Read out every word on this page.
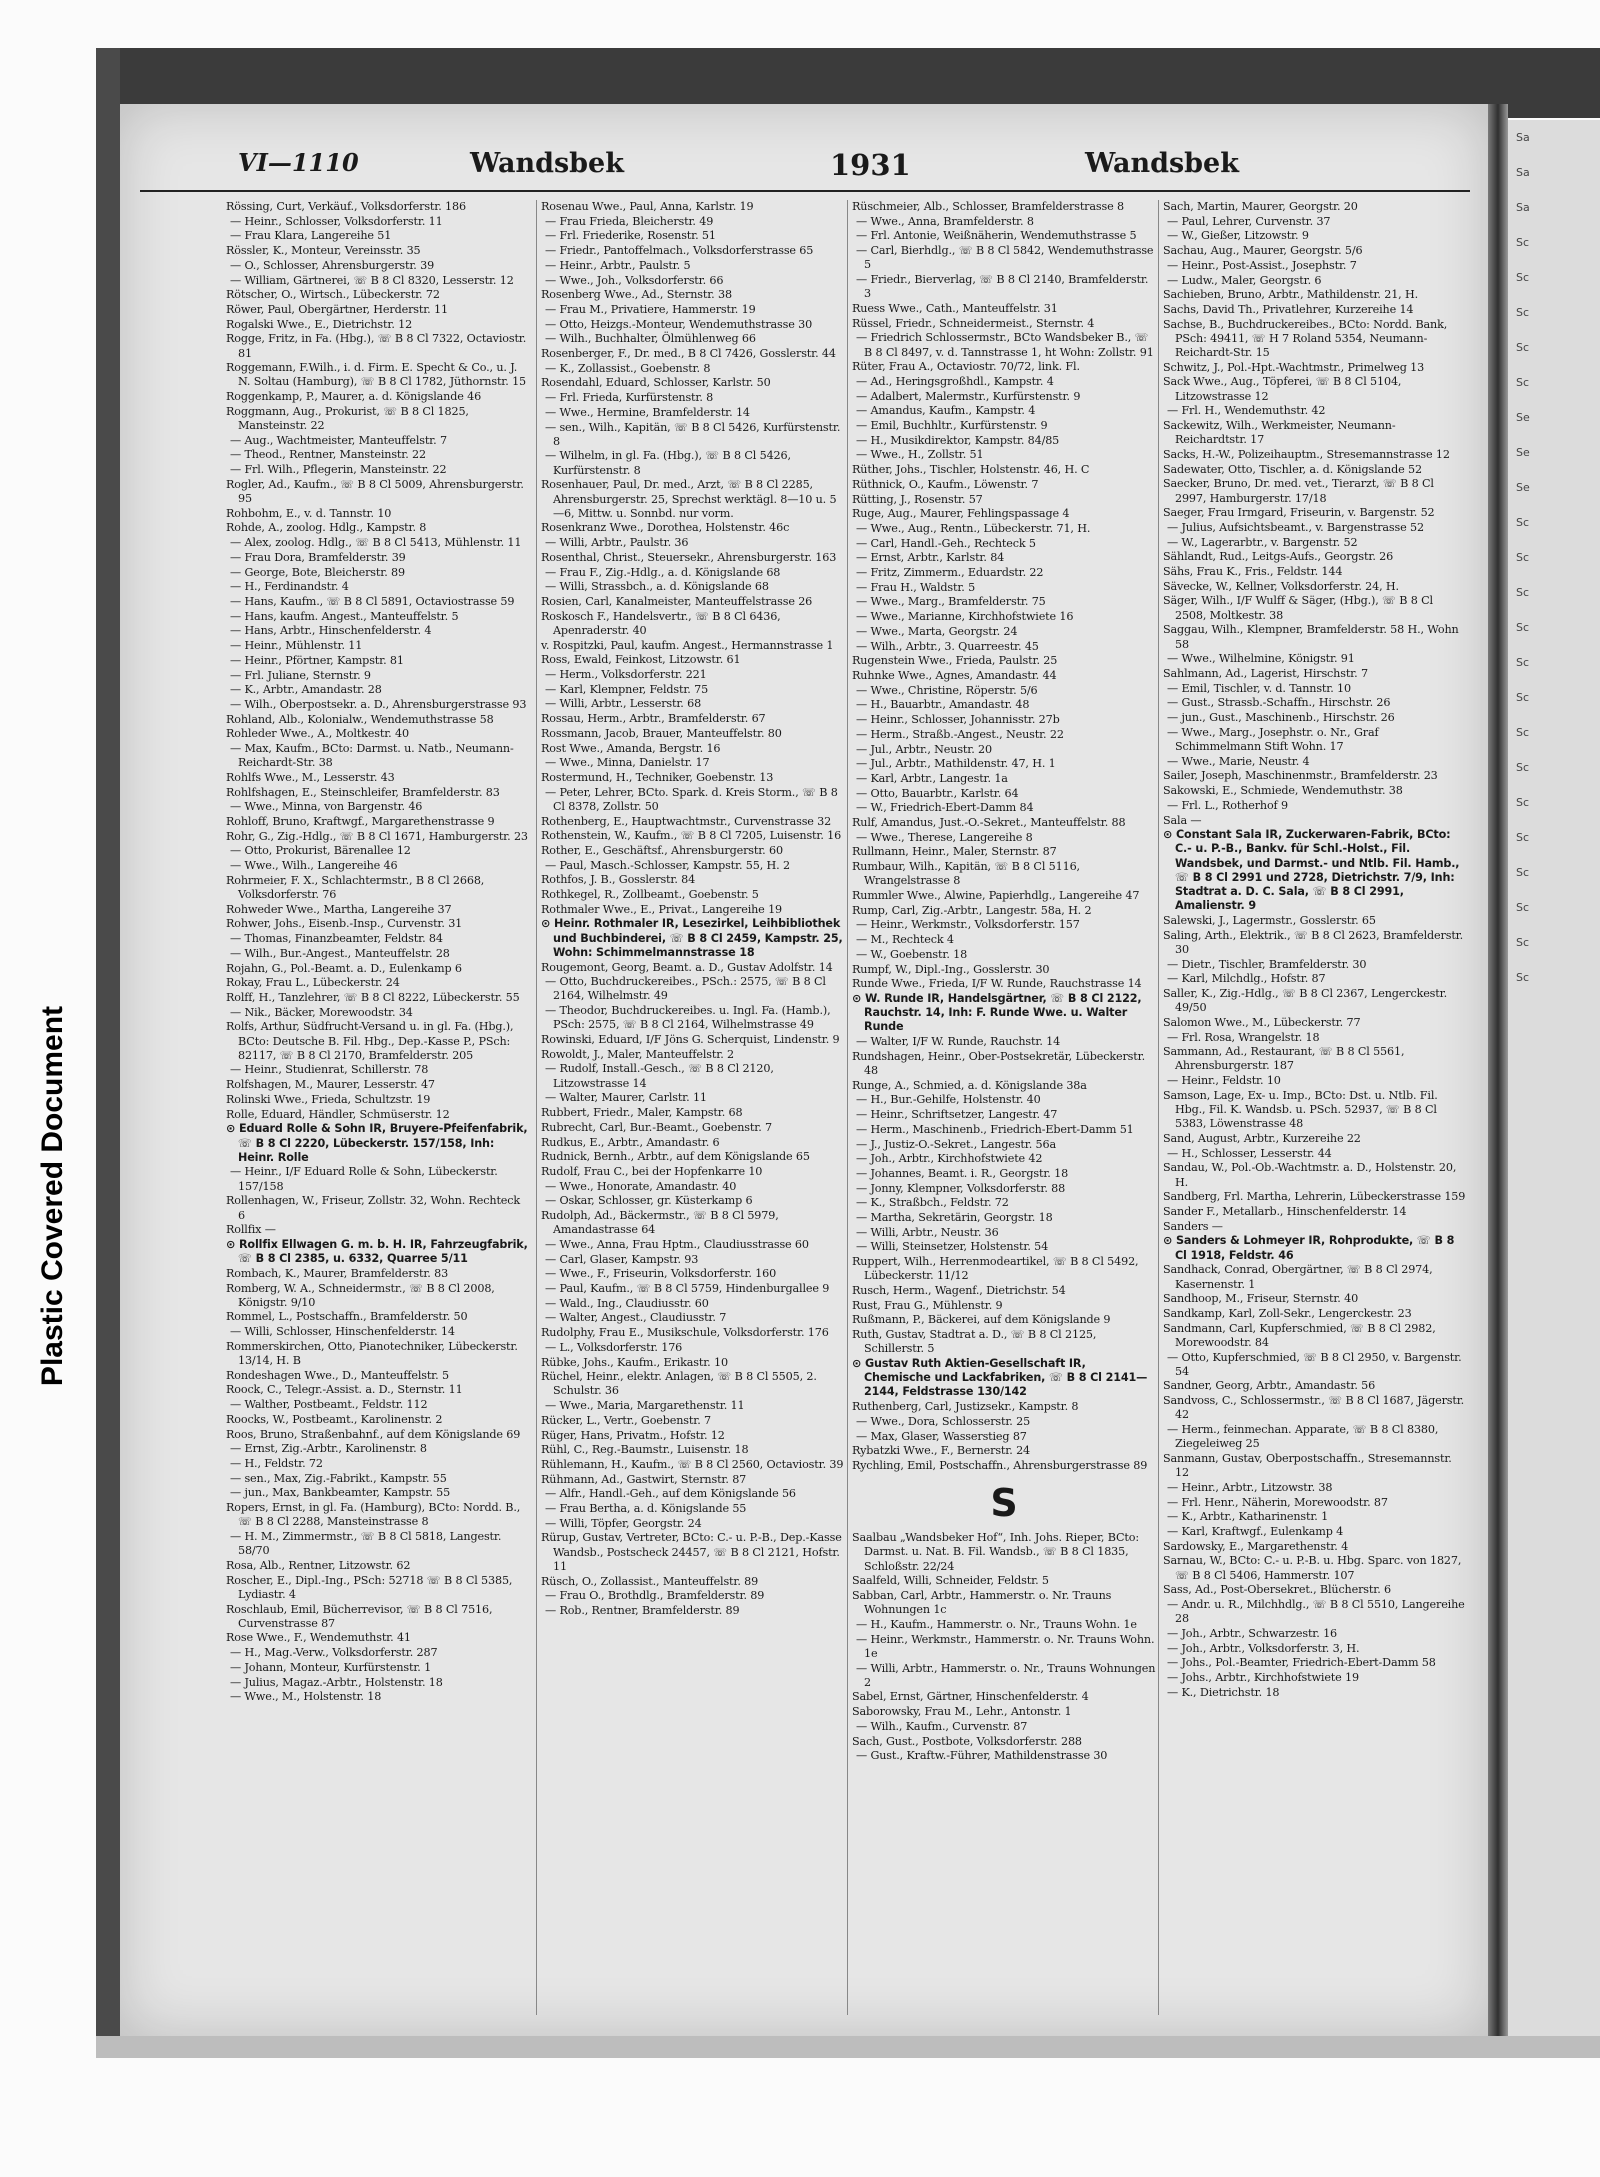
Sa
Sa
Sa
Sc
Sc
Sc
Sc
Sc
Se
Se
Se
Sc
Sc
Sc
Sc
Sc
Sc
Sc
Sc
Sc
Sc
Sc
Sc
Sc
Sc
Plastic Covered Document
VI—1110	Wandsbek	1931	Wandsbek
Rössing, Curt, Verkäuf., Volksdorferstr. 186
— Heinr., Schlosser, Volksdorferstr. 11
— Frau Klara, Langereihe 51
Rössler, K., Monteur, Vereinsstr. 35
— O., Schlosser, Ahrensburgerstr. 39
— William, Gärtnerei, ☏ B 8 Cl 8320, Lesserstr. 12
Rötscher, O., Wirtsch., Lübeckerstr. 72
Röwer, Paul, Obergärtner, Herderstr. 11
Rogalski Wwe., E., Dietrichstr. 12
Rogge, Fritz, in Fa. (Hbg.), ☏ B 8 Cl 7322, Octaviostr. 81
Roggemann, F.Wilh., i. d. Firm. E. Specht & Co., u. J. N. Soltau (Hamburg), ☏ B 8 Cl 1782, Jüthornstr. 15
Roggenkamp, P., Maurer, a. d. Königslande 46
Roggmann, Aug., Prokurist, ☏ B 8 Cl 1825, Mansteinstr. 22
— Aug., Wachtmeister, Manteuffelstr. 7
— Theod., Rentner, Mansteinstr. 22
— Frl. Wilh., Pflegerin, Mansteinstr. 22
Rogler, Ad., Kaufm., ☏ B 8 Cl 5009, Ahrensburgerstr. 95
Rohbohm, E., v. d. Tannstr. 10
Rohde, A., zoolog. Hdlg., Kampstr. 8
— Alex, zoolog. Hdlg., ☏ B 8 Cl 5413, Mühlenstr. 11
— Frau Dora, Bramfelderstr. 39
— George, Bote, Bleicherstr. 89
— H., Ferdinandstr. 4
— Hans, Kaufm., ☏ B 8 Cl 5891, Octaviostrasse 59
— Hans, kaufm. Angest., Manteuffelstr. 5
— Hans, Arbtr., Hinschenfelderstr. 4
— Heinr., Mühlenstr. 11
— Heinr., Pförtner, Kampstr. 81
— Frl. Juliane, Sternstr. 9
— K., Arbtr., Amandastr. 28
— Wilh., Oberpostsekr. a. D., Ahrensburgerstrasse 93
Rohland, Alb., Kolonialw., Wendemuthstrasse 58
Rohleder Wwe., A., Moltkestr. 40
— Max, Kaufm., BCto: Darmst. u. Natb., Neumann-Reichardt-Str. 38
Rohlfs Wwe., M., Lesserstr. 43
Rohlfshagen, E., Steinschleifer, Bramfelderstr. 83
— Wwe., Minna, von Bargenstr. 46
Rohloff, Bruno, Kraftwgf., Margarethenstrasse 9
Rohr, G., Zig.-Hdlg., ☏ B 8 Cl 1671, Hamburgerstr. 23
— Otto, Prokurist, Bärenallee 12
— Wwe., Wilh., Langereihe 46
Rohrmeier, F. X., Schlachtermstr., B 8 Cl 2668, Volksdorferstr. 76
Rohweder Wwe., Martha, Langereihe 37
Rohwer, Johs., Eisenb.-Insp., Curvenstr. 31
— Thomas, Finanzbeamter, Feldstr. 84
— Wilh., Bur.-Angest., Manteuffelstr. 28
Rojahn, G., Pol.-Beamt. a. D., Eulenkamp 6
Rokay, Frau L., Lübeckerstr. 24
Rolff, H., Tanzlehrer, ☏ B 8 Cl 8222, Lübeckerstr. 55
— Nik., Bäcker, Morewoodstr. 34
Rolfs, Arthur, Südfrucht-Versand u. in gl. Fa. (Hbg.), BCto: Deutsche B. Fil. Hbg., Dep.-Kasse P., PSch: 82117, ☏ B 8 Cl 2170, Bramfelderstr. 205
— Heinr., Studienrat, Schillerstr. 78
Rolfshagen, M., Maurer, Lesserstr. 47
Rolinski Wwe., Frieda, Schultzstr. 19
Rolle, Eduard, Händler, Schmüserstr. 12
⊙ Eduard Rolle & Sohn IR, Bruyere-Pfeifenfabrik, ☏ B 8 Cl 2220, Lübeckerstr. 157/158, Inh: Heinr. Rolle
— Heinr., I/F Eduard Rolle & Sohn, Lübeckerstr. 157/158
Rollenhagen, W., Friseur, Zollstr. 32, Wohn. Rechteck 6
Rollfix —
⊙ Rollfix Ellwagen G. m. b. H. IR, Fahrzeugfabrik, ☏ B 8 Cl 2385, u. 6332, Quarree 5/11
Rombach, K., Maurer, Bramfelderstr. 83
Romberg, W. A., Schneidermstr., ☏ B 8 Cl 2008, Königstr. 9/10
Rommel, L., Postschaffn., Bramfelderstr. 50
— Willi, Schlosser, Hinschenfelderstr. 14
Rommerskirchen, Otto, Pianotechniker, Lübeckerstr. 13/14, H. B
Rondeshagen Wwe., D., Manteuffelstr. 5
Roock, C., Telegr.-Assist. a. D., Sternstr. 11
— Walther, Postbeamt., Feldstr. 112
Roocks, W., Postbeamt., Karolinenstr. 2
Roos, Bruno, Straßenbahnf., auf dem Königslande 69
— Ernst, Zig.-Arbtr., Karolinenstr. 8
— H., Feldstr. 72
— sen., Max, Zig.-Fabrikt., Kampstr. 55
— jun., Max, Bankbeamter, Kampstr. 55
Ropers, Ernst, in gl. Fa. (Hamburg), BCto: Nordd. B., ☏ B 8 Cl 2288, Mansteinstrasse 8
— H. M., Zimmermstr., ☏ B 8 Cl 5818, Langestr. 58/70
Rosa, Alb., Rentner, Litzowstr. 62
Roscher, E., Dipl.-Ing., PSch: 52718 ☏ B 8 Cl 5385, Lydiastr. 4
Roschlaub, Emil, Bücherrevisor, ☏ B 8 Cl 7516, Curvenstrasse 87
Rose Wwe., F., Wendemuthstr. 41
— H., Mag.-Verw., Volksdorferstr. 287
— Johann, Monteur, Kurfürstenstr. 1
— Julius, Magaz.-Arbtr., Holstenstr. 18
— Wwe., M., Holstenstr. 18
Rosenau Wwe., Paul, Anna, Karlstr. 19
— Frau Frieda, Bleicherstr. 49
— Frl. Friederike, Rosenstr. 51
— Friedr., Pantoffelmach., Volksdorferstrasse 65
— Heinr., Arbtr., Paulstr. 5
— Wwe., Joh., Volksdorferstr. 66
Rosenberg Wwe., Ad., Sternstr. 38
— Frau M., Privatiere, Hammerstr. 19
— Otto, Heizgs.-Monteur, Wendemuthstrasse 30
— Wilh., Buchhalter, Ölmühlenweg 66
Rosenberger, F., Dr. med., B 8 Cl 7426, Gosslerstr. 44
— K., Zollassist., Goebenstr. 8
Rosendahl, Eduard, Schlosser, Karlstr. 50
— Frl. Frieda, Kurfürstenstr. 8
— Wwe., Hermine, Bramfelderstr. 14
— sen., Wilh., Kapitän, ☏ B 8 Cl 5426, Kurfürstenstr. 8
— Wilhelm, in gl. Fa. (Hbg.), ☏ B 8 Cl 5426, Kurfürstenstr. 8
Rosenhauer, Paul, Dr. med., Arzt, ☏ B 8 Cl 2285, Ahrensburgerstr. 25, Sprechst werktägl. 8—10 u. 5—6, Mittw. u. Sonnbd. nur vorm.
Rosenkranz Wwe., Dorothea, Holstenstr. 46c
— Willi, Arbtr., Paulstr. 36
Rosenthal, Christ., Steuersekr., Ahrensburgerstr. 163
— Frau F., Zig.-Hdlg., a. d. Königslande 68
— Willi, Strassbch., a. d. Königslande 68
Rosien, Carl, Kanalmeister, Manteuffelstrasse 26
Roskosch F., Handelsvertr., ☏ B 8 Cl 6436, Apenraderstr. 40
v. Rospitzki, Paul, kaufm. Angest., Hermannstrasse 1
Ross, Ewald, Feinkost, Litzowstr. 61
— Herm., Volksdorferstr. 221
— Karl, Klempner, Feldstr. 75
— Willi, Arbtr., Lesserstr. 68
Rossau, Herm., Arbtr., Bramfelderstr. 67
Rossmann, Jacob, Brauer, Manteuffelstr. 80
Rost Wwe., Amanda, Bergstr. 16
— Wwe., Minna, Danielstr. 17
Rostermund, H., Techniker, Goebenstr. 13
— Peter, Lehrer, BCto. Spark. d. Kreis Storm., ☏ B 8 Cl 8378, Zollstr. 50
Rothenberg, E., Hauptwachtmstr., Curvenstrasse 32
Rothenstein, W., Kaufm., ☏ B 8 Cl 7205, Luisenstr. 16
Rother, E., Geschäftsf., Ahrensburgerstr. 60
— Paul, Masch.-Schlosser, Kampstr. 55, H. 2
Rothfos, J. B., Gosslerstr. 84
Rothkegel, R., Zollbeamt., Goebenstr. 5
Rothmaler Wwe., E., Privat., Langereihe 19
⊙ Heinr. Rothmaler IR, Lesezirkel, Leihbibliothek und Buchbinderei, ☏ B 8 Cl 2459, Kampstr. 25, Wohn: Schimmelmannstrasse 18
Rougemont, Georg, Beamt. a. D., Gustav Adolfstr. 14
— Otto, Buchdruckereibes., PSch.: 2575, ☏ B 8 Cl 2164, Wilhelmstr. 49
— Theodor, Buchdruckereibes. u. Ingl. Fa. (Hamb.), PSch: 2575, ☏ B 8 Cl 2164, Wilhelmstrasse 49
Rowinski, Eduard, I/F Jöns G. Scherquist, Lindenstr. 9
Rowoldt, J., Maler, Manteuffelstr. 2
— Rudolf, Install.-Gesch., ☏ B 8 Cl 2120, Litzowstrasse 14
— Walter, Maurer, Carlstr. 11
Rubbert, Friedr., Maler, Kampstr. 68
Rubrecht, Carl, Bur.-Beamt., Goebenstr. 7
Rudkus, E., Arbtr., Amandastr. 6
Rudnick, Bernh., Arbtr., auf dem Königslande 65
Rudolf, Frau C., bei der Hopfenkarre 10
— Wwe., Honorate, Amandastr. 40
— Oskar, Schlosser, gr. Küsterkamp 6
Rudolph, Ad., Bäckermstr., ☏ B 8 Cl 5979, Amandastrasse 64
— Wwe., Anna, Frau Hptm., Claudiusstrasse 60
— Carl, Glaser, Kampstr. 93
— Wwe., F., Friseurin, Volksdorferstr. 160
— Paul, Kaufm., ☏ B 8 Cl 5759, Hindenburgallee 9
— Wald., Ing., Claudiusstr. 60
— Walter, Angest., Claudiusstr. 7
Rudolphy, Frau E., Musikschule, Volksdorferstr. 176
— L., Volksdorferstr. 176
Rübke, Johs., Kaufm., Erikastr. 10
Rüchel, Heinr., elektr. Anlagen, ☏ B 8 Cl 5505, 2. Schulstr. 36
— Wwe., Maria, Margarethenstr. 11
Rücker, L., Vertr., Goebenstr. 7
Rüger, Hans, Privatm., Hofstr. 12
Rühl, C., Reg.-Baumstr., Luisenstr. 18
Rühlemann, H., Kaufm., ☏ B 8 Cl 2560, Octaviostr. 39
Rühmann, Ad., Gastwirt, Sternstr. 87
— Alfr., Handl.-Geh., auf dem Königslande 56
— Frau Bertha, a. d. Königslande 55
— Willi, Töpfer, Georgstr. 24
Rürup, Gustav, Vertreter, BCto: C.- u. P.-B., Dep.-Kasse Wandsb., Postscheck 24457, ☏ B 8 Cl 2121, Hofstr. 11
Rüsch, O., Zollassist., Manteuffelstr. 89
— Frau O., Brothdlg., Bramfelderstr. 89
— Rob., Rentner, Bramfelderstr. 89
Rüschmeier, Alb., Schlosser, Bramfelderstrasse 8
— Wwe., Anna, Bramfelderstr. 8
— Frl. Antonie, Weißnäherin, Wendemuthstrasse 5
— Carl, Bierhdlg., ☏ B 8 Cl 5842, Wendemuthstrasse 5
— Friedr., Bierverlag, ☏ B 8 Cl 2140, Bramfelderstr. 3
Ruess Wwe., Cath., Manteuffelstr. 31
Rüssel, Friedr., Schneidermeist., Sternstr. 4
— Friedrich Schlossermstr., BCto Wandsbeker B., ☏ B 8 Cl 8497, v. d. Tannstrasse 1, ht Wohn: Zollstr. 91
Rüter, Frau A., Octaviostr. 70/72, link. Fl.
— Ad., Heringsgroßhdl., Kampstr. 4
— Adalbert, Malermstr., Kurfürstenstr. 9
— Amandus, Kaufm., Kampstr. 4
— Emil, Buchhltr., Kurfürstenstr. 9
— H., Musikdirektor, Kampstr. 84/85
— Wwe., H., Zollstr. 51
Rüther, Johs., Tischler, Holstenstr. 46, H. C
Rüthnick, O., Kaufm., Löwenstr. 7
Rütting, J., Rosenstr. 57
Ruge, Aug., Maurer, Fehlingspassage 4
— Wwe., Aug., Rentn., Lübeckerstr. 71, H.
— Carl, Handl.-Geh., Rechteck 5
— Ernst, Arbtr., Karlstr. 84
— Fritz, Zimmerm., Eduardstr. 22
— Frau H., Waldstr. 5
— Wwe., Marg., Bramfelderstr. 75
— Wwe., Marianne, Kirchhofstwiete 16
— Wwe., Marta, Georgstr. 24
— Wilh., Arbtr., 3. Quarreestr. 45
Rugenstein Wwe., Frieda, Paulstr. 25
Ruhnke Wwe., Agnes, Amandastr. 44
— Wwe., Christine, Röperstr. 5/6
— H., Bauarbtr., Amandastr. 48
— Heinr., Schlosser, Johannisstr. 27b
— Herm., Straßb.-Angest., Neustr. 22
— Jul., Arbtr., Neustr. 20
— Jul., Arbtr., Mathildenstr. 47, H. 1
— Karl, Arbtr., Langestr. 1a
— Otto, Bauarbtr., Karlstr. 64
— W., Friedrich-Ebert-Damm 84
Rulf, Amandus, Just.-O.-Sekret., Manteuffelstr. 88
— Wwe., Therese, Langereihe 8
Rullmann, Heinr., Maler, Sternstr. 87
Rumbaur, Wilh., Kapitän, ☏ B 8 Cl 5116, Wrangelstrasse 8
Rummler Wwe., Alwine, Papierhdlg., Langereihe 47
Rump, Carl, Zig.-Arbtr., Langestr. 58a, H. 2
— Heinr., Werkmstr., Volksdorferstr. 157
— M., Rechteck 4
— W., Goebenstr. 18
Rumpf, W., Dipl.-Ing., Gosslerstr. 30
Runde Wwe., Frieda, I/F W. Runde, Rauchstrasse 14
⊙ W. Runde IR, Handelsgärtner, ☏ B 8 Cl 2122, Rauchstr. 14, Inh: F. Runde Wwe. u. Walter Runde
— Walter, I/F W. Runde, Rauchstr. 14
Rundshagen, Heinr., Ober-Postsekretär, Lübeckerstr. 48
Runge, A., Schmied, a. d. Königslande 38a
— H., Bur.-Gehilfe, Holstenstr. 40
— Heinr., Schriftsetzer, Langestr. 47
— Herm., Maschinenb., Friedrich-Ebert-Damm 51
— J., Justiz-O.-Sekret., Langestr. 56a
— Joh., Arbtr., Kirchhofstwiete 42
— Johannes, Beamt. i. R., Georgstr. 18
— Jonny, Klempner, Volksdorferstr. 88
— K., Straßbch., Feldstr. 72
— Martha, Sekretärin, Georgstr. 18
— Willi, Arbtr., Neustr. 36
— Willi, Steinsetzer, Holstenstr. 54
Ruppert, Wilh., Herrenmodeartikel, ☏ B 8 Cl 5492, Lübeckerstr. 11/12
Rusch, Herm., Wagenf., Dietrichstr. 54
Rust, Frau G., Mühlenstr. 9
Rußmann, P., Bäckerei, auf dem Königslande 9
Ruth, Gustav, Stadtrat a. D., ☏ B 8 Cl 2125, Schillerstr. 5
⊙ Gustav Ruth Aktien-Gesellschaft IR, Chemische und Lackfabriken, ☏ B 8 Cl 2141—2144, Feldstrasse 130/142
Ruthenberg, Carl, Justizsekr., Kampstr. 8
— Wwe., Dora, Schlosserstr. 25
— Max, Glaser, Wasserstieg 87
Rybatzki Wwe., F., Bernerstr. 24
Rychling, Emil, Postschaffn., Ahrensburgerstrasse 89
S
Saalbau „Wandsbeker Hof“, Inh. Johs. Rieper, BCto: Darmst. u. Nat. B. Fil. Wandsb., ☏ B 8 Cl 1835, Schloßstr. 22/24
Saalfeld, Willi, Schneider, Feldstr. 5
Sabban, Carl, Arbtr., Hammerstr. o. Nr. Trauns Wohnungen 1c
— H., Kaufm., Hammerstr. o. Nr., Trauns Wohn. 1e
— Heinr., Werkmstr., Hammerstr. o. Nr. Trauns Wohn. 1e
— Willi, Arbtr., Hammerstr. o. Nr., Trauns Wohnungen 2
Sabel, Ernst, Gärtner, Hinschenfelderstr. 4
Saborowsky, Frau M., Lehr., Antonstr. 1
— Wilh., Kaufm., Curvenstr. 87
Sach, Gust., Postbote, Volksdorferstr. 288
— Gust., Kraftw.-Führer, Mathildenstrasse 30
Sach, Martin, Maurer, Georgstr. 20
— Paul, Lehrer, Curvenstr. 37
— W., Gießer, Litzowstr. 9
Sachau, Aug., Maurer, Georgstr. 5/6
— Heinr., Post-Assist., Josephstr. 7
— Ludw., Maler, Georgstr. 6
Sachieben, Bruno, Arbtr., Mathildenstr. 21, H.
Sachs, David Th., Privatlehrer, Kurzereihe 14
Sachse, B., Buchdruckereibes., BCto: Nordd. Bank, PSch: 49411, ☏ H 7 Roland 5354, Neumann-Reichardt-Str. 15
Schwitz, J., Pol.-Hpt.-Wachtmstr., Primelweg 13
Sack Wwe., Aug., Töpferei, ☏ B 8 Cl 5104, Litzowstrasse 12
— Frl. H., Wendemuthstr. 42
Sackewitz, Wilh., Werkmeister, Neumann-Reichardtstr. 17
Sacks, H.-W., Polizeihauptm., Stresemannstrasse 12
Sadewater, Otto, Tischler, a. d. Königslande 52
Saecker, Bruno, Dr. med. vet., Tierarzt, ☏ B 8 Cl 2997, Hamburgerstr. 17/18
Saeger, Frau Irmgard, Friseurin, v. Bargenstr. 52
— Julius, Aufsichtsbeamt., v. Bargenstrasse 52
— W., Lagerarbtr., v. Bargenstr. 52
Sählandt, Rud., Leitgs-Aufs., Georgstr. 26
Sähs, Frau K., Fris., Feldstr. 144
Sävecke, W., Kellner, Volksdorferstr. 24, H.
Säger, Wilh., I/F Wulff & Säger, (Hbg.), ☏ B 8 Cl 2508, Moltkestr. 38
Saggau, Wilh., Klempner, Bramfelderstr. 58 H., Wohn 58
— Wwe., Wilhelmine, Königstr. 91
Sahlmann, Ad., Lagerist, Hirschstr. 7
— Emil, Tischler, v. d. Tannstr. 10
— Gust., Strassb.-Schaffn., Hirschstr. 26
— jun., Gust., Maschinenb., Hirschstr. 26
— Wwe., Marg., Josephstr. o. Nr., Graf Schimmelmann Stift Wohn. 17
— Wwe., Marie, Neustr. 4
Sailer, Joseph, Maschinenmstr., Bramfelderstr. 23
Sakowski, E., Schmiede, Wendemuthstr. 38
— Frl. L., Rotherhof 9
Sala —
⊙ Constant Sala IR, Zuckerwaren-Fabrik, BCto: C.- u. P.-B., Bankv. für Schl.-Holst., Fil. Wandsbek, und Darmst.- und Ntlb. Fil. Hamb., ☏ B 8 Cl 2991 und 2728, Dietrichstr. 7/9, Inh: Stadtrat a. D. C. Sala, ☏ B 8 Cl 2991, Amalienstr. 9
Salewski, J., Lagermstr., Gosslerstr. 65
Saling, Arth., Elektrik., ☏ B 8 Cl 2623, Bramfelderstr. 30
— Dietr., Tischler, Bramfelderstr. 30
— Karl, Milchdlg., Hofstr. 87
Saller, K., Zig.-Hdlg., ☏ B 8 Cl 2367, Lengerckestr. 49/50
Salomon Wwe., M., Lübeckerstr. 77
— Frl. Rosa, Wrangelstr. 18
Sammann, Ad., Restaurant, ☏ B 8 Cl 5561, Ahrensburgerstr. 187
— Heinr., Feldstr. 10
Samson, Lage, Ex- u. Imp., BCto: Dst. u. Ntlb. Fil. Hbg., Fil. K. Wandsb. u. PSch. 52937, ☏ B 8 Cl 5383, Löwenstrasse 48
Sand, August, Arbtr., Kurzereihe 22
— H., Schlosser, Lesserstr. 44
Sandau, W., Pol.-Ob.-Wachtmstr. a. D., Holstenstr. 20, H.
Sandberg, Frl. Martha, Lehrerin, Lübeckerstrasse 159
Sander F., Metallarb., Hinschenfelderstr. 14
Sanders —
⊙ Sanders & Lohmeyer IR, Rohprodukte, ☏ B 8 Cl 1918, Feldstr. 46
Sandhack, Conrad, Obergärtner, ☏ B 8 Cl 2974, Kasernenstr. 1
Sandhoop, M., Friseur, Sternstr. 40
Sandkamp, Karl, Zoll-Sekr., Lengerckestr. 23
Sandmann, Carl, Kupferschmied, ☏ B 8 Cl 2982, Morewoodstr. 84
— Otto, Kupferschmied, ☏ B 8 Cl 2950, v. Bargenstr. 54
Sandner, Georg, Arbtr., Amandastr. 56
Sandvoss, C., Schlossermstr., ☏ B 8 Cl 1687, Jägerstr. 42
— Herm., feinmechan. Apparate, ☏ B 8 Cl 8380, Ziegeleiweg 25
Sanmann, Gustav, Oberpostschaffn., Stresemannstr. 12
— Heinr., Arbtr., Litzowstr. 38
— Frl. Henr., Näherin, Morewoodstr. 87
— K., Arbtr., Katharinenstr. 1
— Karl, Kraftwgf., Eulenkamp 4
Sardowsky, E., Margarethenstr. 4
Sarnau, W., BCto: C.- u. P.-B. u. Hbg. Sparc. von 1827, ☏ B 8 Cl 5406, Hammerstr. 107
Sass, Ad., Post-Obersekret., Blücherstr. 6
— Andr. u. R., Milchhdlg., ☏ B 8 Cl 5510, Langereihe 28
— Joh., Arbtr., Schwarzestr. 16
— Joh., Arbtr., Volksdorferstr. 3, H.
— Johs., Pol.-Beamter, Friedrich-Ebert-Damm 58
— Johs., Arbtr., Kirchhofstwiete 19
— K., Dietrichstr. 18
